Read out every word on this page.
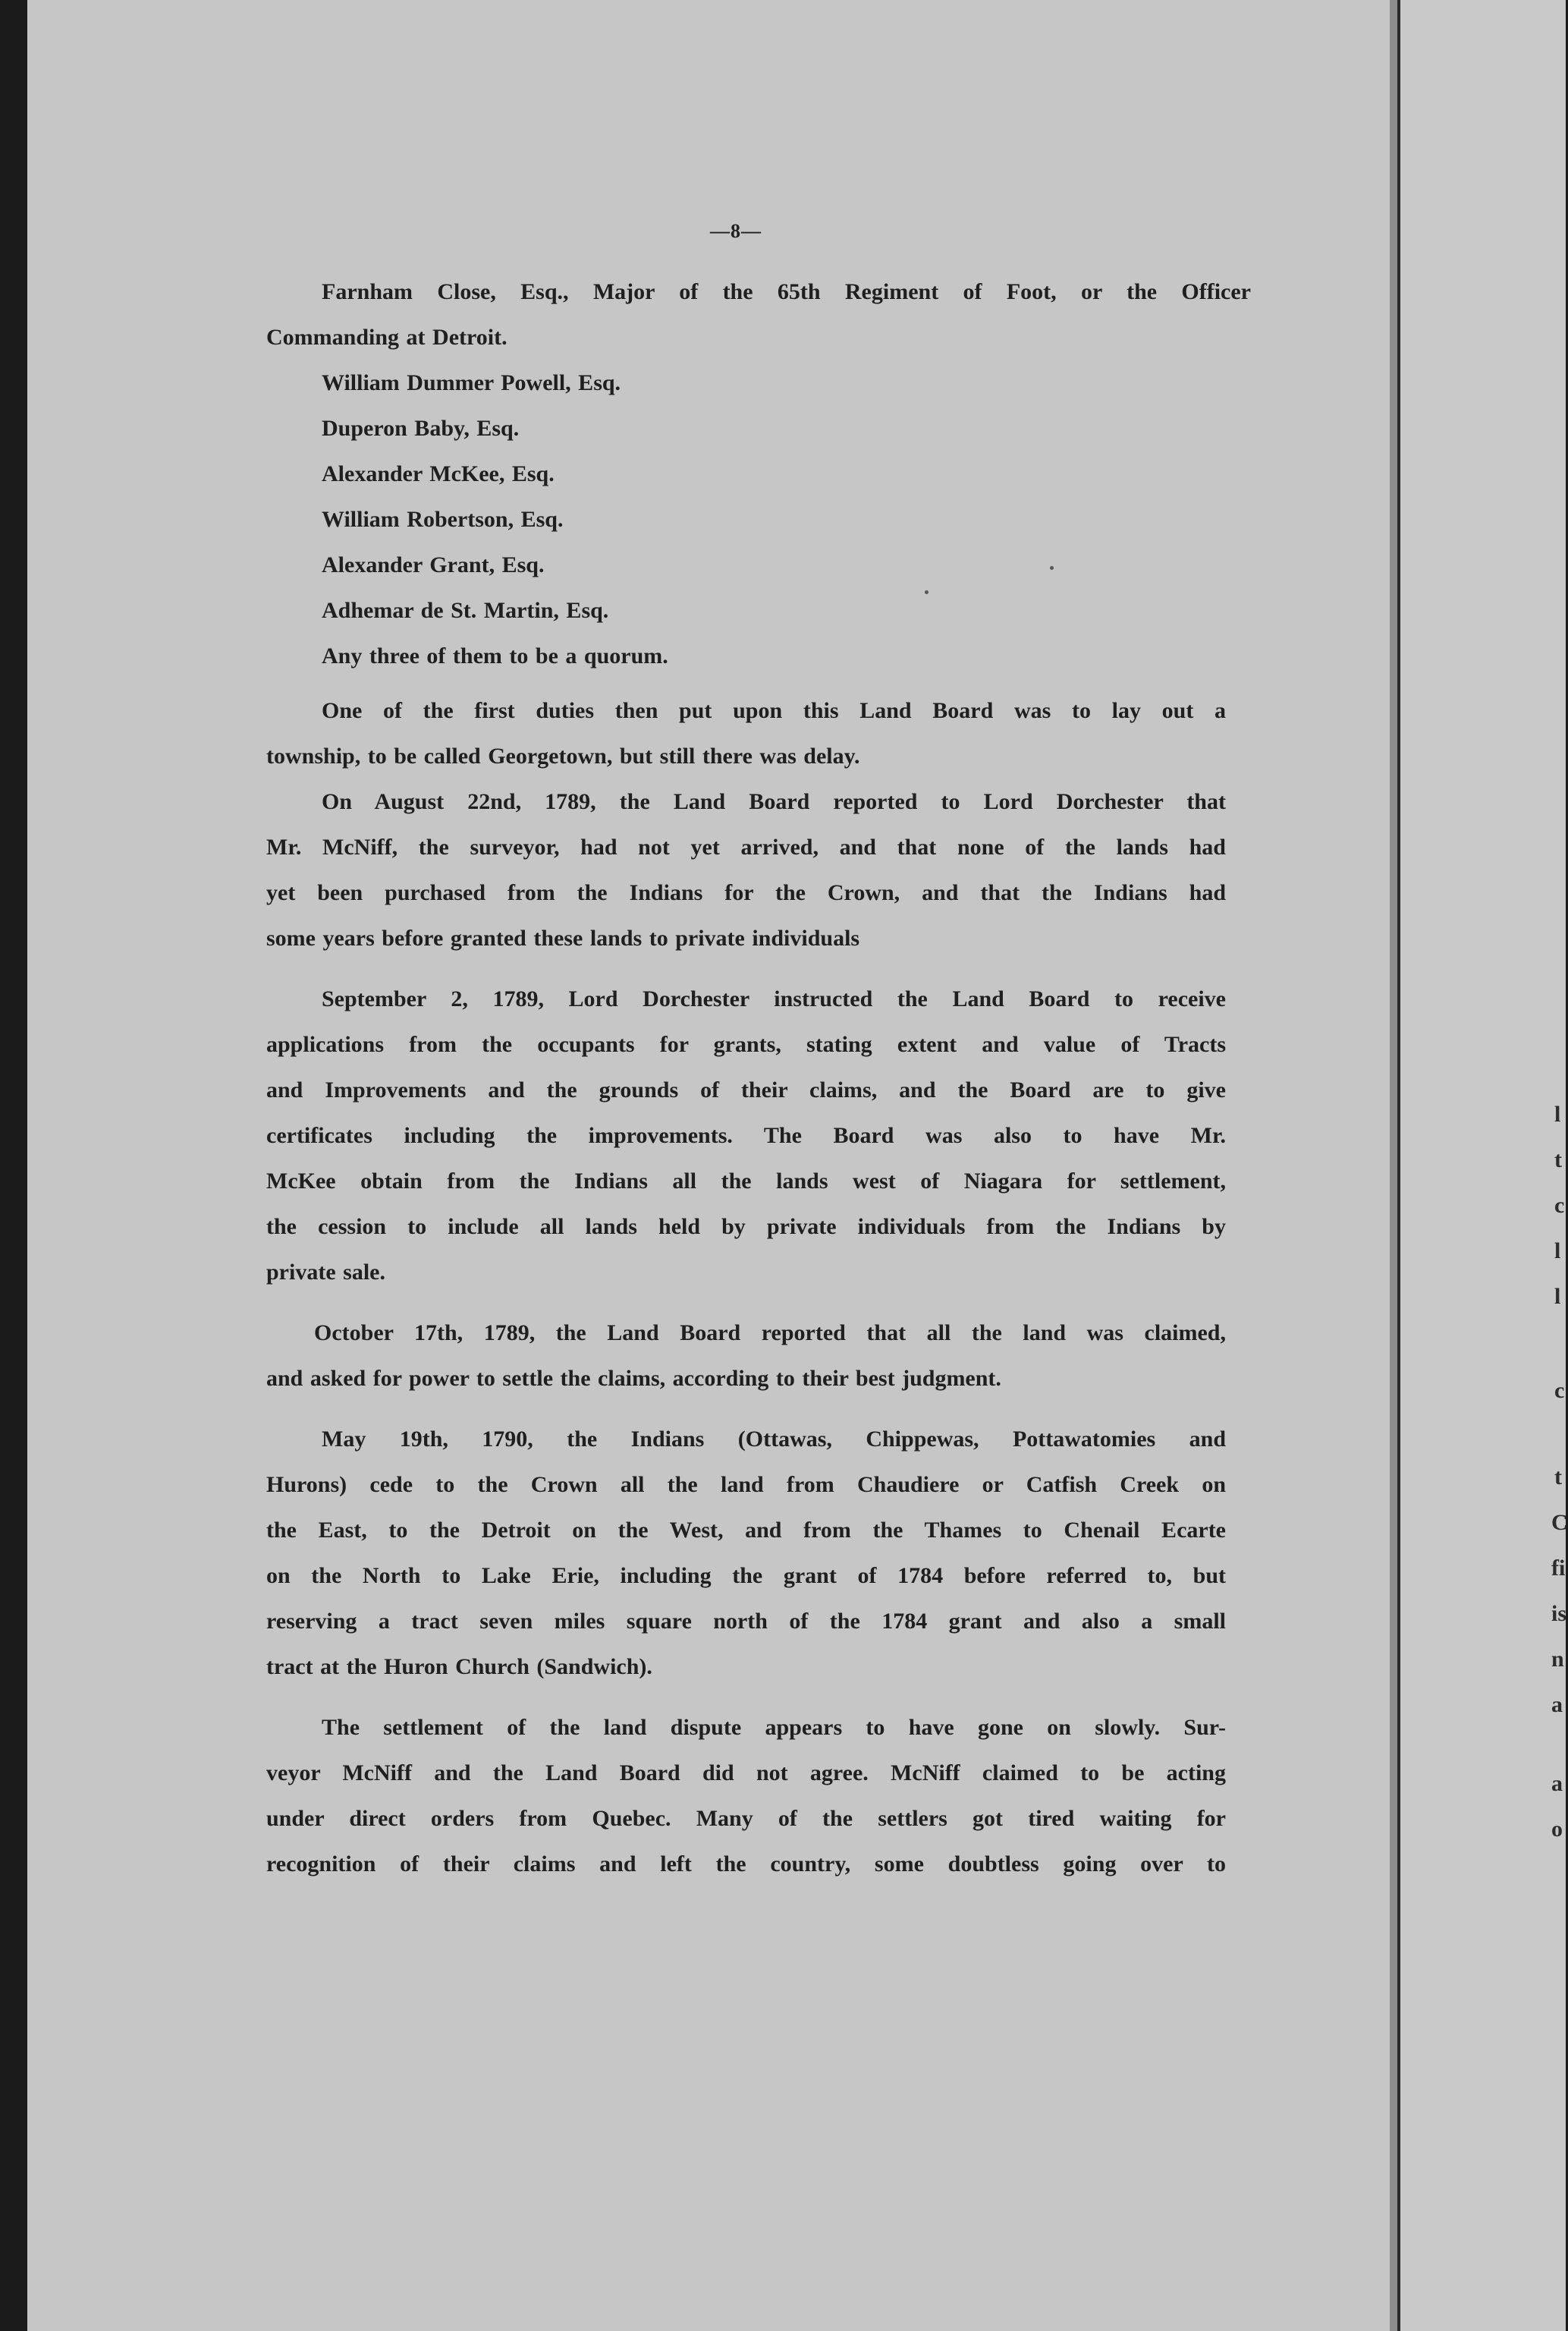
—8—
Farnham Close, Esq., Major of the 65th Regiment of Foot, or the Officer
Commanding at Detroit.
William Dummer Powell, Esq.
Duperon Baby, Esq.
Alexander McKee, Esq.
William Robertson, Esq.
Alexander Grant, Esq.
Adhemar de St. Martin, Esq.
Any three of them to be a quorum.
One of the first duties then put upon this Land Board was to lay out a
township, to be called Georgetown, but still there was delay.
On August 22nd, 1789, the Land Board reported to Lord Dorchester that
Mr. McNiff, the surveyor, had not yet arrived, and that none of the lands had
yet been purchased from the Indians for the Crown, and that the Indians had
some years before granted these lands to private individuals
September 2, 1789, Lord Dorchester instructed the Land Board to receive
applications from the occupants for grants, stating extent and value of Tracts
and Improvements and the grounds of their claims, and the Board are to give
certificates including the improvements. The Board was also to have Mr.
McKee obtain from the Indians all the lands west of Niagara for settlement,
the cession to include all lands held by private individuals from the Indians by
private sale.
October 17th, 1789, the Land Board reported that all the land was claimed,
and asked for power to settle the claims, according to their best judgment.
May 19th, 1790, the Indians (Ottawas, Chippewas, Pottawatomies and
Hurons) cede to the Crown all the land from Chaudiere or Catfish Creek on
the East, to the Detroit on the West, and from the Thames to Chenail Ecarte
on the North to Lake Erie, including the grant of 1784 before referred to, but
reserving a tract seven miles square north of the 1784 grant and also a small
tract at the Huron Church (Sandwich).
The settlement of the land dispute appears to have gone on slowly. Sur-
veyor McNiff and the Land Board did not agree. McNiff claimed to be acting
under direct orders from Quebec. Many of the settlers got tired waiting for
recognition of their claims and left the country, some doubtless going over to
l
t
c
l
l
c
t
C
fi
is
n
a
a
o
